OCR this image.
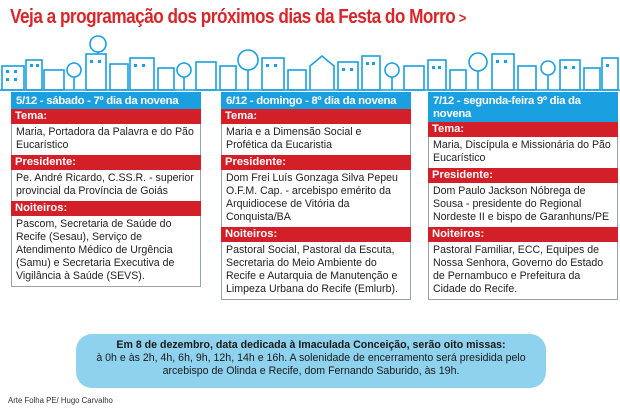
Veja a programação dos próximos dias da Festa do Morro >
5/12 - sábado - 7º dia da novena
Tema:
Maria, Portadora da Palavra e do Pão Eucarístico
Presidente:
Pe. André Ricardo, C.SS.R. - superior provincial da Província de Goiás
Noiteiros:
Pascom, Secretaria de Saúde do Recife (Sesau), Serviço de Atendimento Médico de Urgência (Samu) e Secretaria Executiva de Vigilância à Saúde (SEVS).
6/12 - domingo - 8º dia da novena
Tema:
Maria e a Dimensão Social e Profética da Eucaristia
Presidente:
Dom Frei Luís Gonzaga Silva Pepeu O.F.M. Cap. - arcebispo emérito da Arquidiocese de Vitória da Conquista/BA
Noiteiros:
Pastoral Social, Pastoral da Escuta, Secretaria do Meio Ambiente do Recife e Autarquia de Manutenção e Limpeza Urbana do Recife (Emlurb).
7/12 - segunda-feira 9º dia da novena
Tema:
Maria, Discípula e Missionária do Pão Eucarístico
Presidente:
Dom Paulo Jackson Nóbrega de Sousa - presidente do Regional Nordeste II e bispo de Garanhuns/PE
Noiteiros:
Pastoral Familiar, ECC, Equipes de Nossa Senhora, Governo do Estado de Pernambuco e Prefeitura da Cidade do Recife.
Em 8 de dezembro, data dedicada à Imaculada Conceição, serão oito missas:
à 0h e às 2h, 4h, 6h, 9h, 12h, 14h e 16h. A solenidade de encerramento será presidida pelo arcebispo de Olinda e Recife, dom Fernando Saburido, às 19h.
Arte Folha PE/ Hugo Carvalho
